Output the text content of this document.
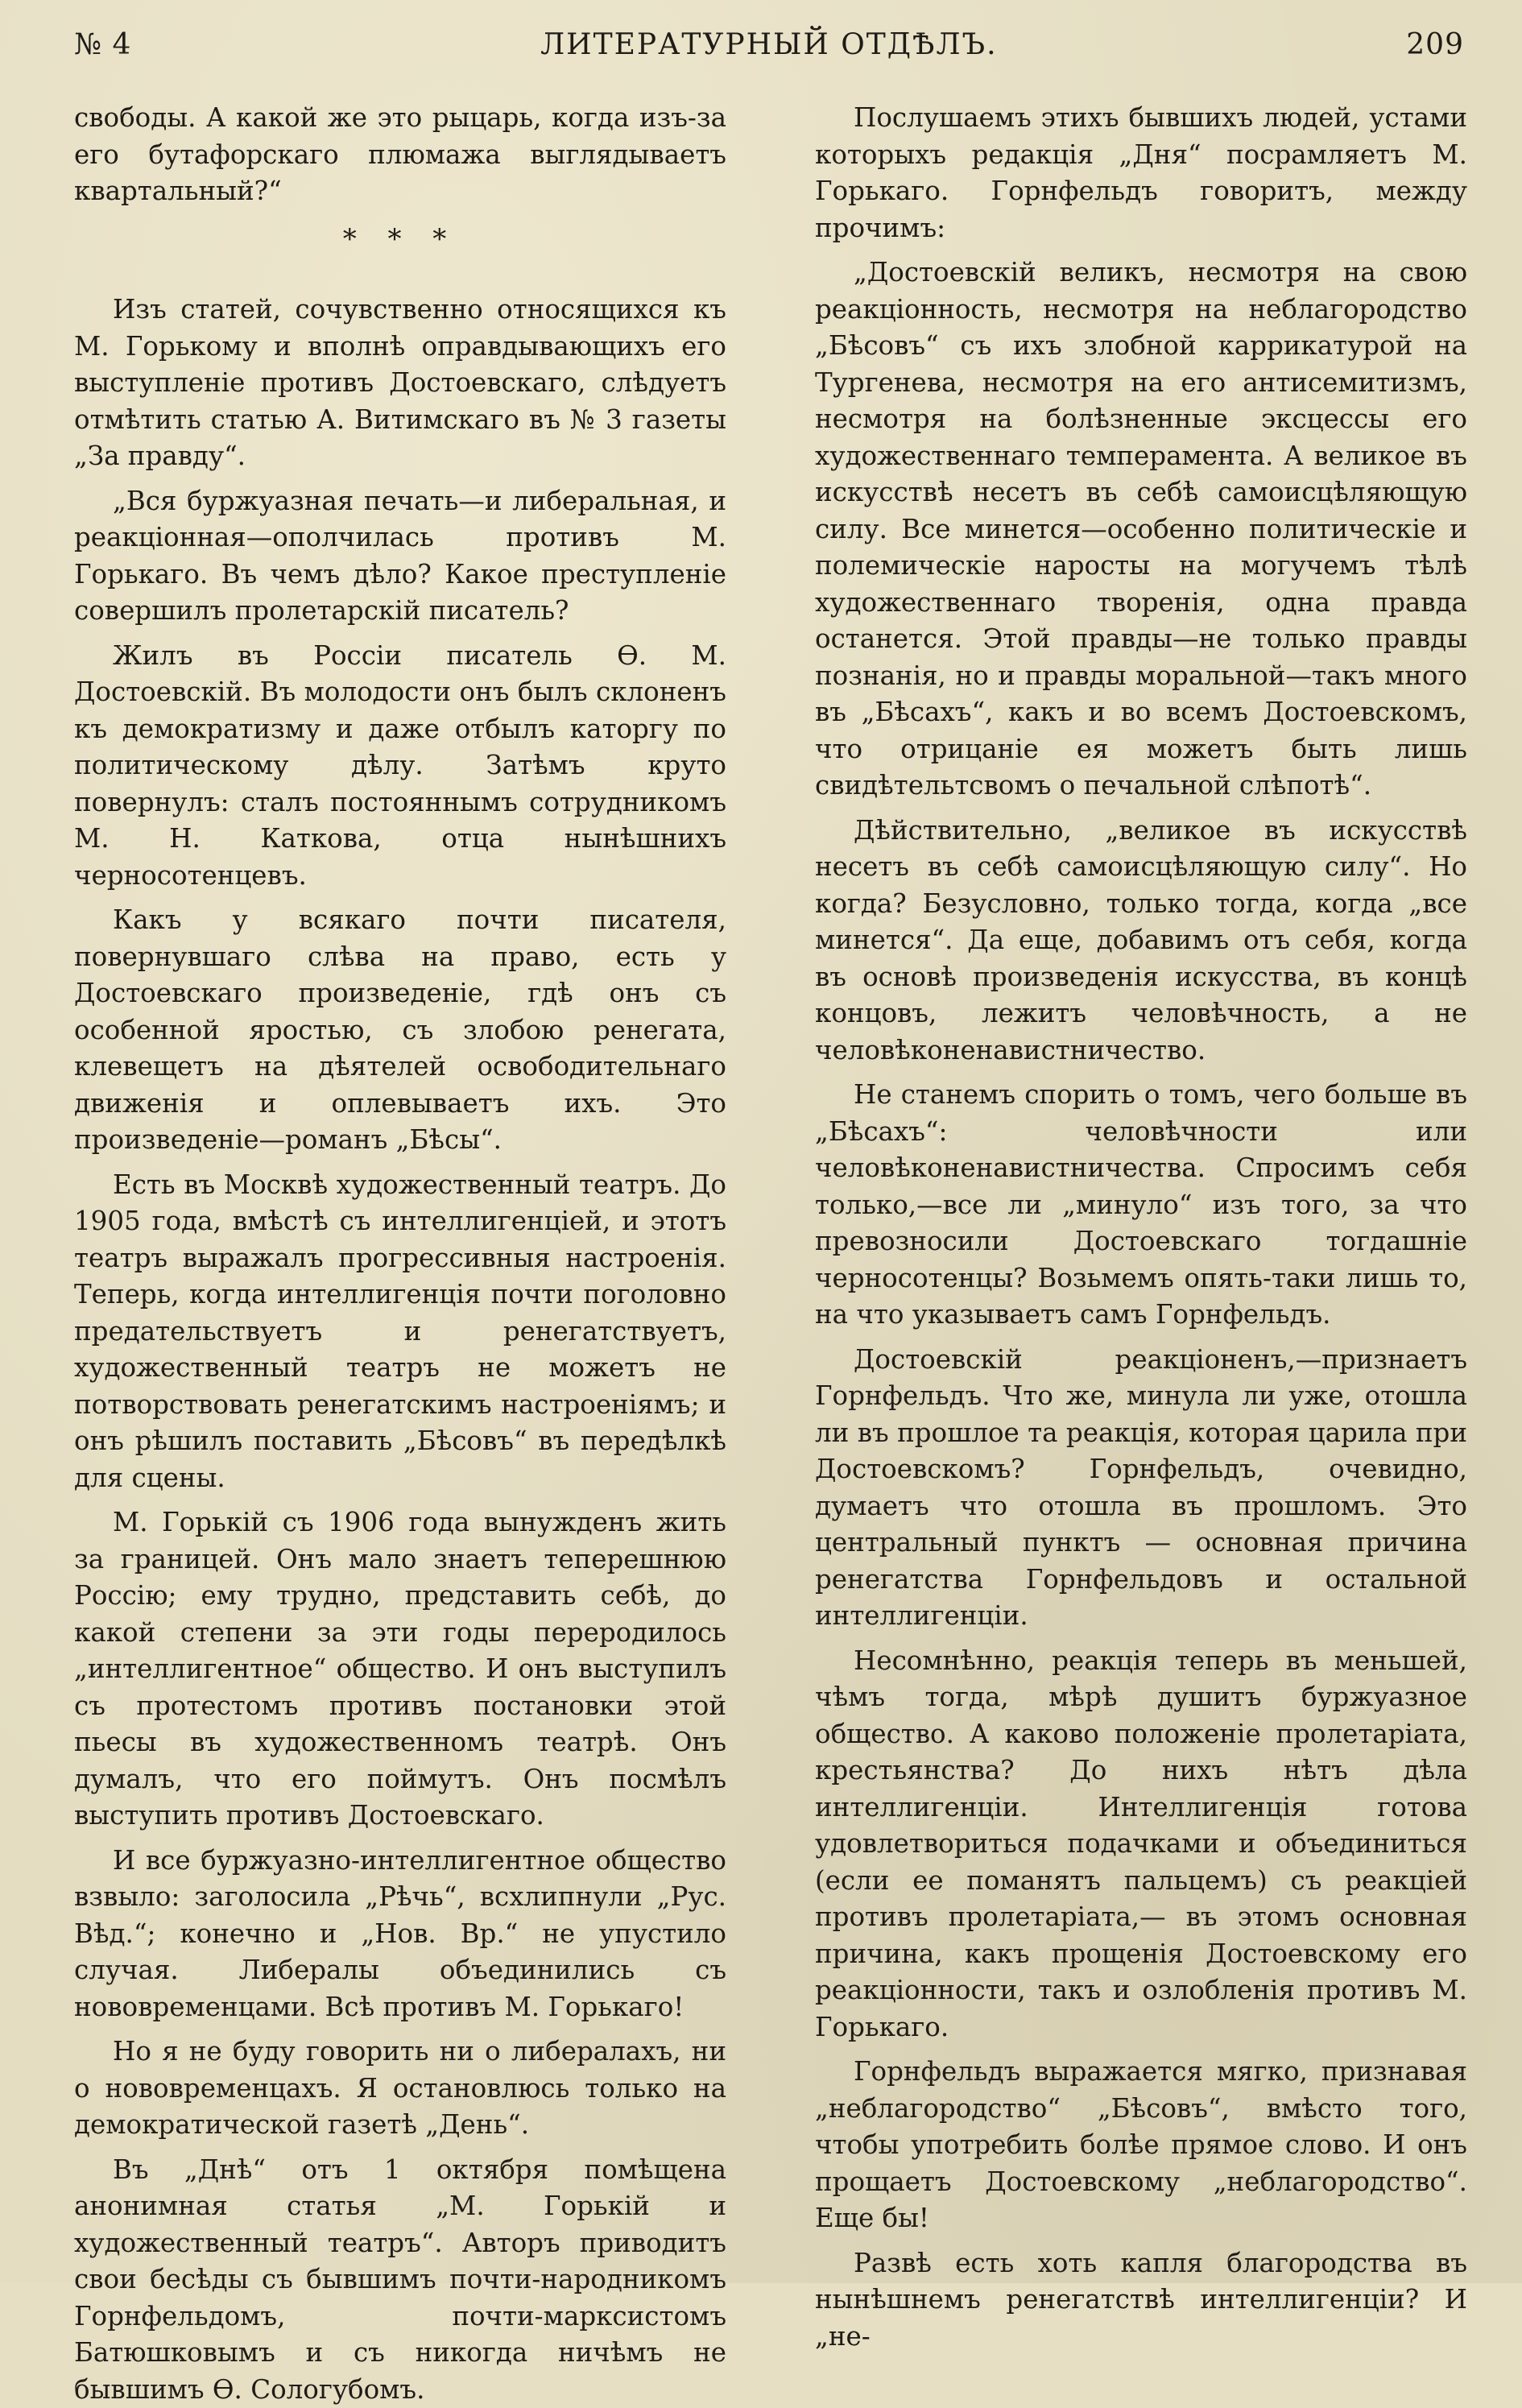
№ 4	ЛИТЕРАТУРНЫЙ ОТДѢЛЪ.	209

свободы. А какой же это рыцарь, когда изъ-за его бутафорскаго плюмажа выглядываетъ квартальный?“

* * *

Изъ статей, сочувственно относящихся къ М. Горькому и вполнѣ оправдывающихъ его выступленіе противъ Достоевскаго, слѣдуетъ отмѣтить статью А. Витимскаго въ № 3 газеты „За правду“.

„Вся буржуазная печать—и либеральная, и реакціонная—ополчилась противъ М. Горькаго. Въ чемъ дѣло? Какое преступленіе совершилъ пролетарскій писатель?

Жилъ въ Россіи писатель Ѳ. М. Достоевскій. Въ молодости онъ былъ склоненъ къ демократизму и даже отбылъ каторгу по политическому дѣлу. Затѣмъ круто повернулъ: сталъ постояннымъ сотрудникомъ М. Н. Каткова, отца нынѣшнихъ черносотенцевъ.

Какъ у всякаго почти писателя, повернувшаго слѣва на право, есть у Достоевскаго произведеніе, гдѣ онъ съ особенной яростью, съ злобою ренегата, клевещетъ на дѣятелей освободительнаго движенія и оплевываетъ ихъ. Это произведеніе—романъ „Бѣсы“.

Есть въ Москвѣ художественный театръ. До 1905 года, вмѣстѣ съ интеллигенціей, и этотъ театръ выражалъ прогрессивныя настроенія. Теперь, когда интеллигенція почти поголовно предательствуетъ и ренегатствуетъ, художественный театръ не можетъ не потворствовать ренегатскимъ настроеніямъ; и онъ рѣшилъ поставить „Бѣсовъ“ въ передѣлкѣ для сцены.

М. Горькій съ 1906 года вынужденъ жить за границей. Онъ мало знаетъ теперешнюю Россію; ему трудно, представить себѣ, до какой степени за эти годы переродилось „интеллигентное“ общество. И онъ выступилъ съ протестомъ противъ постановки этой пьесы въ художественномъ театрѣ. Онъ думалъ, что его поймутъ. Онъ посмѣлъ выступить противъ Достоевскаго.

И все буржуазно-интеллигентное общество взвыло: заголосила „Рѣчь“, всхлипнули „Рус. Вѣд.“; конечно и „Нов. Вр.“ не упустило случая. Либералы объединились съ нововременцами. Всѣ противъ М. Горькаго!

Но я не буду говорить ни о либералахъ, ни о нововременцахъ. Я остановлюсь только на демократической газетѣ „День“.

Въ „Днѣ“ отъ 1 октября помѣщена анонимная статья „М. Горькій и художественный театръ“. Авторъ приводитъ свои бесѣды съ бывшимъ почти-народникомъ Горнфельдомъ, почти-марксистомъ Батюшковымъ и съ никогда ничѣмъ не бывшимъ Ѳ. Сологубомъ.

Послушаемъ этихъ бывшихъ людей, устами которыхъ редакція „Дня“ посрамляетъ М. Горькаго. Горнфельдъ говоритъ, между прочимъ:

„Достоевскій великъ, несмотря на свою реакціонность, несмотря на неблагородство „Бѣсовъ“ съ ихъ злобной каррикатурой на Тургенева, несмотря на его антисемитизмъ, несмотря на болѣзненные эксцессы его художественнаго темперамента. А великое въ искусствѣ несетъ въ себѣ самоисцѣляющую силу. Все минется—особенно политическіе и полемическіе наросты на могучемъ тѣлѣ художественнаго творенія, одна правда останется. Этой правды—не только правды познанія, но и правды моральной—такъ много въ „Бѣсахъ“, какъ и во всемъ Достоевскомъ, что отрицаніе ея можетъ быть лишь свидѣтельтсвомъ о печальной слѣпотѣ“.

Дѣйствительно, „великое въ искусствѣ несетъ въ себѣ самоисцѣляющую силу“. Но когда? Безусловно, только тогда, когда „все минется“. Да еще, добавимъ отъ себя, когда въ основѣ произведенія искусства, въ концѣ концовъ, лежитъ человѣчность, а не человѣконенавистничество.

Не станемъ спорить о томъ, чего больше въ „Бѣсахъ“: человѣчности или человѣконенавистничества. Спросимъ себя только,—все ли „минуло“ изъ того, за что превозносили Достоевскаго тогдашніе черносотенцы? Возьмемъ опять-таки лишь то, на что указываетъ самъ Горнфельдъ.

Достоевскій реакціоненъ,—признаетъ Горнфельдъ. Что же, минула ли уже, отошла ли въ прошлое та реакція, которая царила при Достоевскомъ? Горнфельдъ, очевидно, думаетъ что отошла въ прошломъ. Это центральный пунктъ — основная причина ренегатства Горнфельдовъ и остальной интеллигенціи.

Несомнѣнно, реакція теперь въ меньшей, чѣмъ тогда, мѣрѣ душитъ буржуазное общество. А каково положеніе пролетаріата, крестьянства? До нихъ нѣтъ дѣла интеллигенціи. Интеллигенція готова удовлетвориться подачками и объединиться (если ее поманятъ пальцемъ) съ реакціей противъ пролетаріата,— въ этомъ основная причина, какъ прощенія Достоевскому его реакціонности, такъ и озлобленія противъ М. Горькаго.

Горнфельдъ выражается мягко, признавая „неблагородство“ „Бѣсовъ“, вмѣсто того, чтобы употребить болѣе прямое слово. И онъ прощаетъ Достоевскому „неблагородство“. Еще бы!

Развѣ есть хоть капля благородства въ нынѣшнемъ ренегатствѣ интеллигенціи? И „не-
